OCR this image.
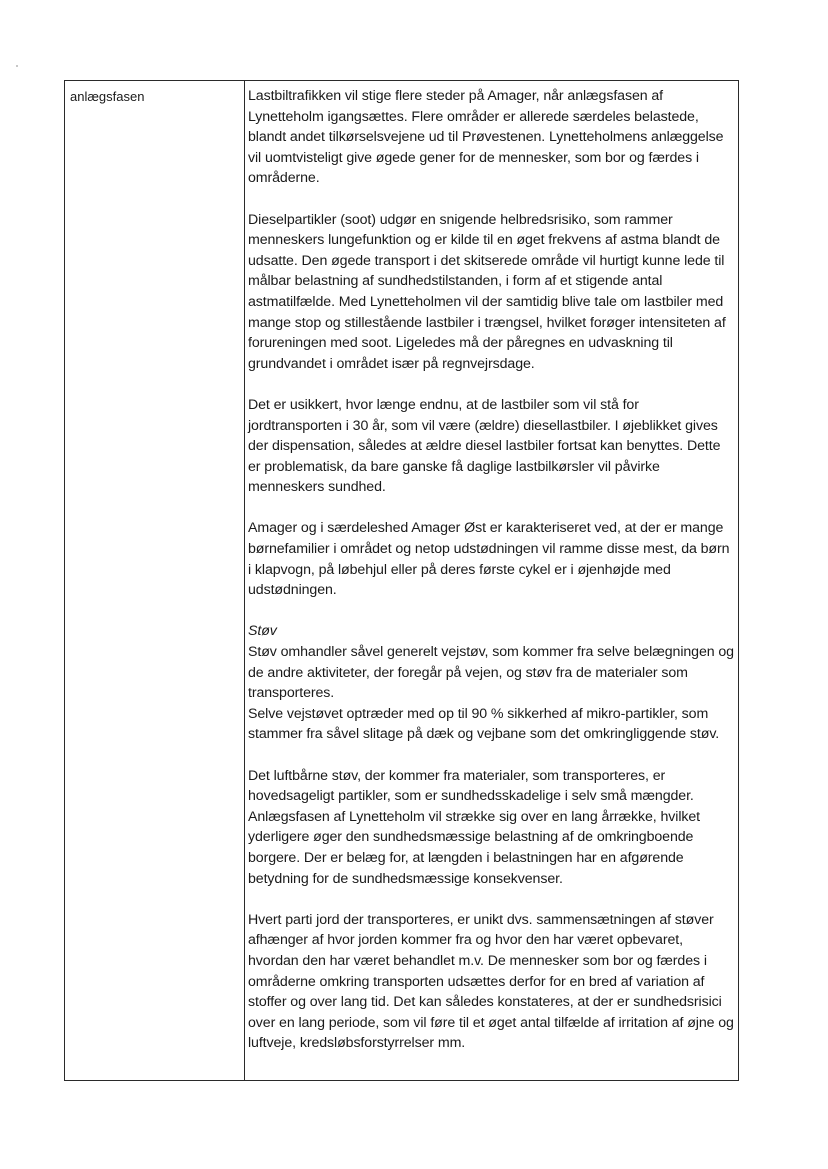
anlægsfasen	Lastbiltrafikken vil stige flere steder på Amager, når anlægsfasen af Lynetteholm igangsættes. Flere områder er allerede særdeles belastede, blandt andet tilkørselsvejene ud til Prøvestenen. Lynetteholmens anlæggelse vil uomtvisteligt give øgede gener for de mennesker, som bor og færdes i områderne.

Dieselpartikler (soot) udgør en snigende helbredsrisiko, som rammer menneskers lungefunktion og er kilde til en øget frekvens af astma blandt de udsatte. Den øgede transport i det skitserede område vil hurtigt kunne lede til målbar belastning af sundhedstilstanden, i form af et stigende antal astmatilfælde. Med Lynetteholmen vil der samtidig blive tale om lastbiler med mange stop og stillestående lastbiler i trængsel, hvilket forøger intensiteten af forureningen med soot. Ligeledes må der påregnes en udvaskning til grundvandet i området især på regnvejrsdage.

Det er usikkert, hvor længe endnu, at de lastbiler som vil stå for jordtransporten i 30 år, som vil være (ældre) diesellastbiler. I øjeblikket gives der dispensation, således at ældre diesel lastbiler fortsat kan benyttes. Dette er problematisk, da bare ganske få daglige lastbilkørsler vil påvirke menneskers sundhed.

Amager og i særdeleshed Amager Øst er karakteriseret ved, at der er mange børnefamilier i området og netop udstødningen vil ramme disse mest, da børn i klapvogn, på løbehjul eller på deres første cykel er i øjenhøjde med udstødningen.

Støv

Støv omhandler såvel generelt vejstøv, som kommer fra selve belægningen og de andre aktiviteter, der foregår på vejen, og støv fra de materialer som transporteres.

Selve vejstøvet optræder med op til 90 % sikkerhed af mikro-partikler, som stammer fra såvel slitage på dæk og vejbane som det omkringliggende støv.

Det luftbårne støv, der kommer fra materialer, som transporteres, er hovedsageligt partikler, som er sundhedsskadelige i selv små mængder. Anlægsfasen af Lynetteholm vil strække sig over en lang årrække, hvilket yderligere øger den sundhedsmæssige belastning af de omkringboende borgere. Der er belæg for, at længden i belastningen har en afgørende betydning for de sundhedsmæssige konsekvenser.

Hvert parti jord der transporteres, er unikt dvs. sammensætningen af støver afhænger af hvor jorden kommer fra og hvor den har været opbevaret, hvordan den har været behandlet m.v. De mennesker som bor og færdes i områderne omkring transporten udsættes derfor for en bred af variation af stoffer og over lang tid. Det kan således konstateres, at der er sundhedsrisici over en lang periode, som vil føre til et øget antal tilfælde af irritation af øjne og luftveje, kredsløbsforstyrrelser mm.
